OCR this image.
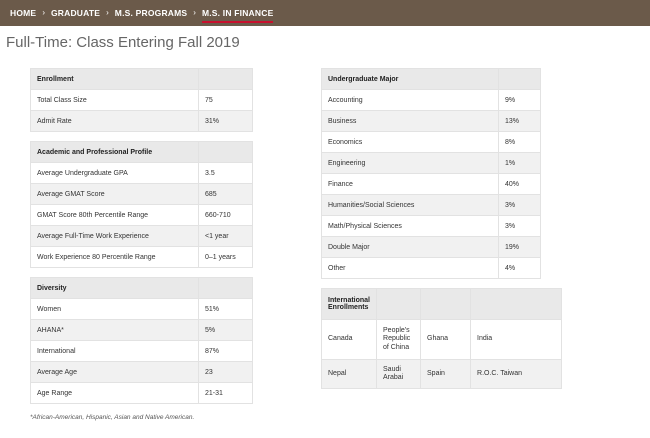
HOME › GRADUATE › M.S. PROGRAMS › M.S. IN FINANCE
Full-Time: Class Entering Fall 2019
Enrollment	
Total Class Size	75
Admit Rate	31%
Academic and Professional Profile	
Average Undergraduate GPA	3.5
Average GMAT Score	685
GMAT Score 80th Percentile Range	660-710
Average Full-Time Work Experience	<1 year
Work Experience 80 Percentile Range	0–1 years
Diversity	
Women	51%
AHANA*	5%
International	87%
Average Age	23
Age Range	21-31
Undergraduate Major	
Accounting	9%
Business	13%
Economics	8%
Engineering	1%
Finance	40%
Humanities/Social Sciences	3%
Math/Physical Sciences	3%
Double Major	19%
Other	4%
International Enrollments			
Canada	People's Republic of China	Ghana	India
Nepal	Saudi Arabai	Spain	R.O.C. Taiwan

*African-American, Hispanic, Asian and Native American.
